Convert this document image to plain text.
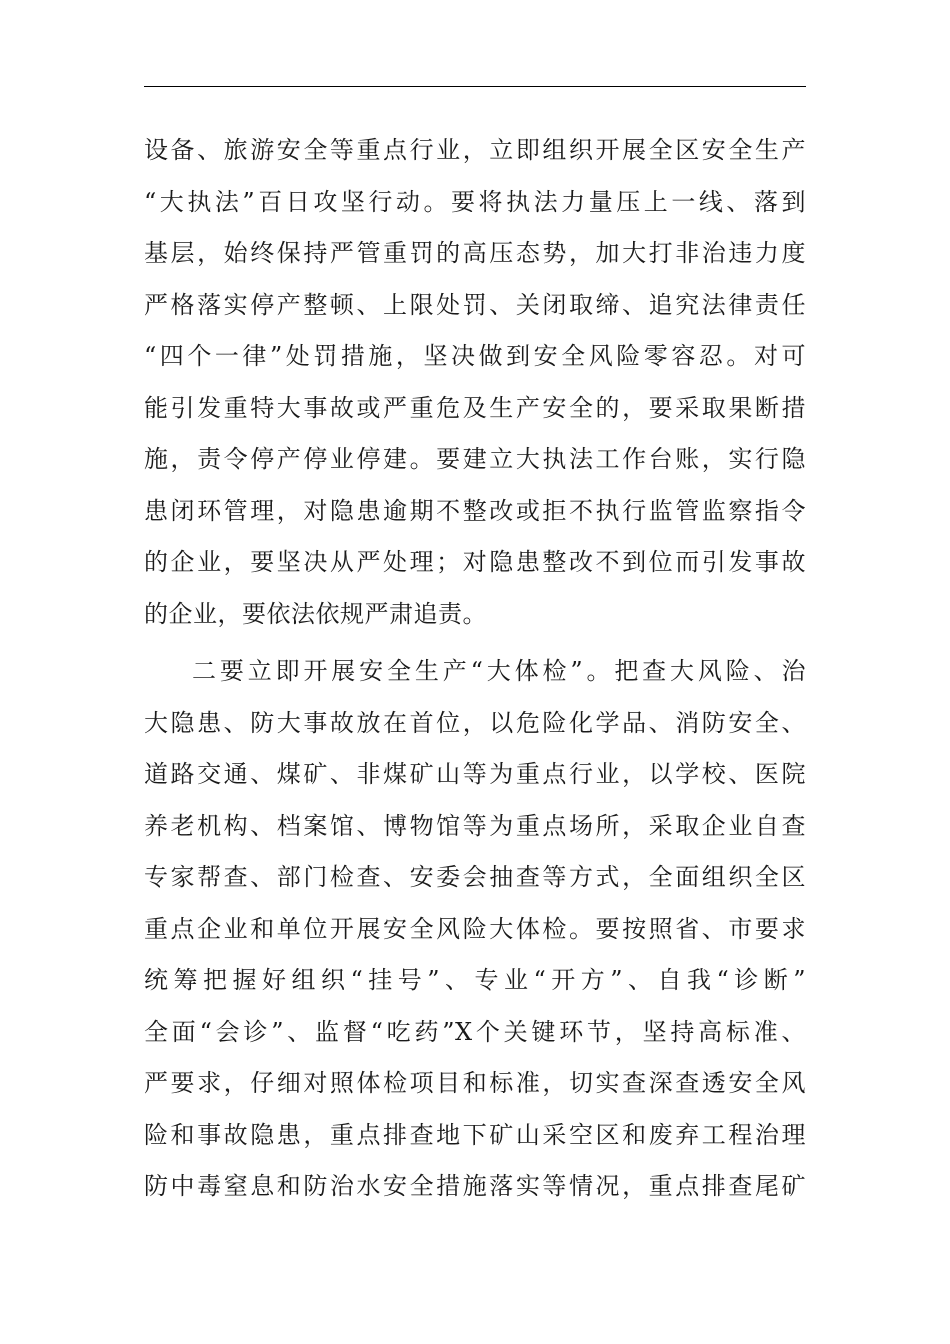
设备、旅游安全等重点行业，立即组织开展全区安全生产
“大执法”百日攻坚行动。要将执法力量压上一线、落到
基层，始终保持严管重罚的高压态势，加大打非治违力度
严格落实停产整顿、上限处罚、关闭取缔、追究法律责任
“四个一律”处罚措施，坚决做到安全风险零容忍。对可
能引发重特大事故或严重危及生产安全的，要采取果断措
施，责令停产停业停建。要建立大执法工作台账，实行隐
患闭环管理，对隐患逾期不整改或拒不执行监管监察指令
的企业，要坚决从严处理；对隐患整改不到位而引发事故
的企业，要依法依规严肃追责。
二要立即开展安全生产“大体检”。把查大风险、治
大隐患、防大事故放在首位，以危险化学品、消防安全、
道路交通、煤矿、非煤矿山等为重点行业，以学校、医院
养老机构、档案馆、博物馆等为重点场所，采取企业自查
专家帮查、部门检查、安委会抽查等方式，全面组织全区
重点企业和单位开展安全风险大体检。要按照省、市要求
统筹把握好组织“挂号”、专业“开方”、自我“诊断”
全面“会诊”、监督“吃药”X个关键环节，坚持高标准、
严要求，仔细对照体检项目和标准，切实查深查透安全风
险和事故隐患，重点排查地下矿山采空区和废弃工程治理
防中毒窒息和防治水安全措施落实等情况，重点排查尾矿
